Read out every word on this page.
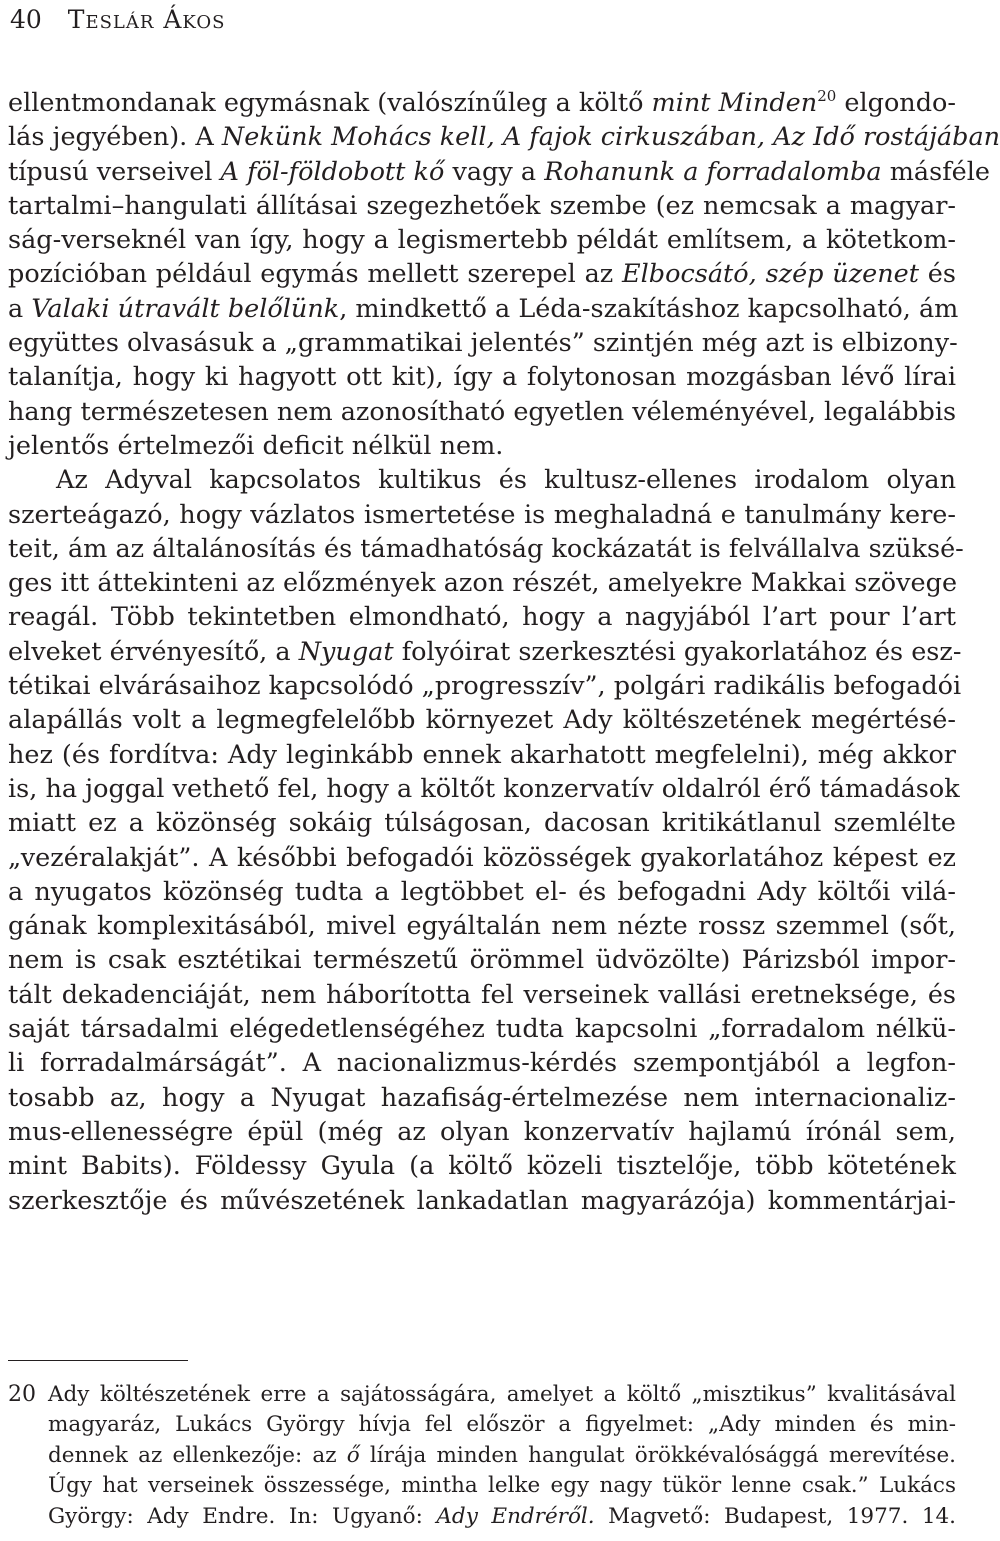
40 Teslár Ákos
ellentmondanak egymásnak (valószínűleg a költő mint Minden$^{20}$ elgondo-
lás jegyében). A Nekünk Mohács kell, A fajok cirkuszában, Az Idő rostájában
típusú verseivel A föl-földobott kő vagy a Rohanunk a forradalomba másféle
tartalmi–hangulati állításai szegezhetőek szembe (ez nemcsak a magyar-
ság-verseknél van így, hogy a legismertebb példát említsem, a kötetkom-
pozícióban például egymás mellett szerepel az Elbocsátó, szép üzenet és
a Valaki útravált belőlünk, mindkettő a Léda-szakításhoz kapcsolható, ám
együttes olvasásuk a „grammatikai jelentés” szintjén még azt is elbizony-
talanítja, hogy ki hagyott ott kit), így a folytonosan mozgásban lévő lírai
hang természetesen nem azonosítható egyetlen véleményével, legalábbis
jelentős értelmezői deficit nélkül nem.
Az Adyval kapcsolatos kultikus és kultusz-ellenes irodalom olyan
szerteágazó, hogy vázlatos ismertetése is meghaladná e tanulmány kere-
teit, ám az általánosítás és támadhatóság kockázatát is felvállalva szüksé-
ges itt áttekinteni az előzmények azon részét, amelyekre Makkai szövege
reagál. Több tekintetben elmondható, hogy a nagyjából l’art pour l’art
elveket érvényesítő, a Nyugat folyóirat szerkesztési gyakorlatához és esz-
tétikai elvárásaihoz kapcsolódó „progresszív”, polgári radikális befogadói
alapállás volt a legmegfelelőbb környezet Ady költészetének megértésé-
hez (és fordítva: Ady leginkább ennek akarhatott megfelelni), még akkor
is, ha joggal vethető fel, hogy a költőt konzervatív oldalról érő támadások
miatt ez a közönség sokáig túlságosan, dacosan kritikátlanul szemlélte
„vezéralakját”. A későbbi befogadói közösségek gyakorlatához képest ez
a nyugatos közönség tudta a legtöbbet el- és befogadni Ady költői vilá-
gának komplexitásából, mivel egyáltalán nem nézte rossz szemmel (sőt,
nem is csak esztétikai természetű örömmel üdvözölte) Párizsból impor-
tált dekadenciáját, nem háborította fel verseinek vallási eretneksége, és
saját társadalmi elégedetlenségéhez tudta kapcsolni „forradalom nélkü-
li forradalmárságát”. A nacionalizmus-kérdés szempontjából a legfon-
tosabb az, hogy a Nyugat hazafiság-értelmezése nem internacionaliz-
mus-ellenességre épül (még az olyan konzervatív hajlamú írónál sem,
mint Babits). Földessy Gyula (a költő közeli tisztelője, több kötetének
szerkesztője és művészetének lankadatlan magyarázója) kommentárjai-
20 Ady költészetének erre a sajátosságára, amelyet a költő „misztikus” kvalitásával
magyaráz, Lukács György hívja fel először a figyelmet: „Ady minden és min-
dennek az ellenkezője: az ő lírája minden hangulat örökkévalósággá merevítése.
Úgy hat verseinek összessége, mintha lelke egy nagy tükör lenne csak.” Lukács
György: Ady Endre. In: Ugyanő: Ady Endréről. Magvető: Budapest, 1977. 14.
